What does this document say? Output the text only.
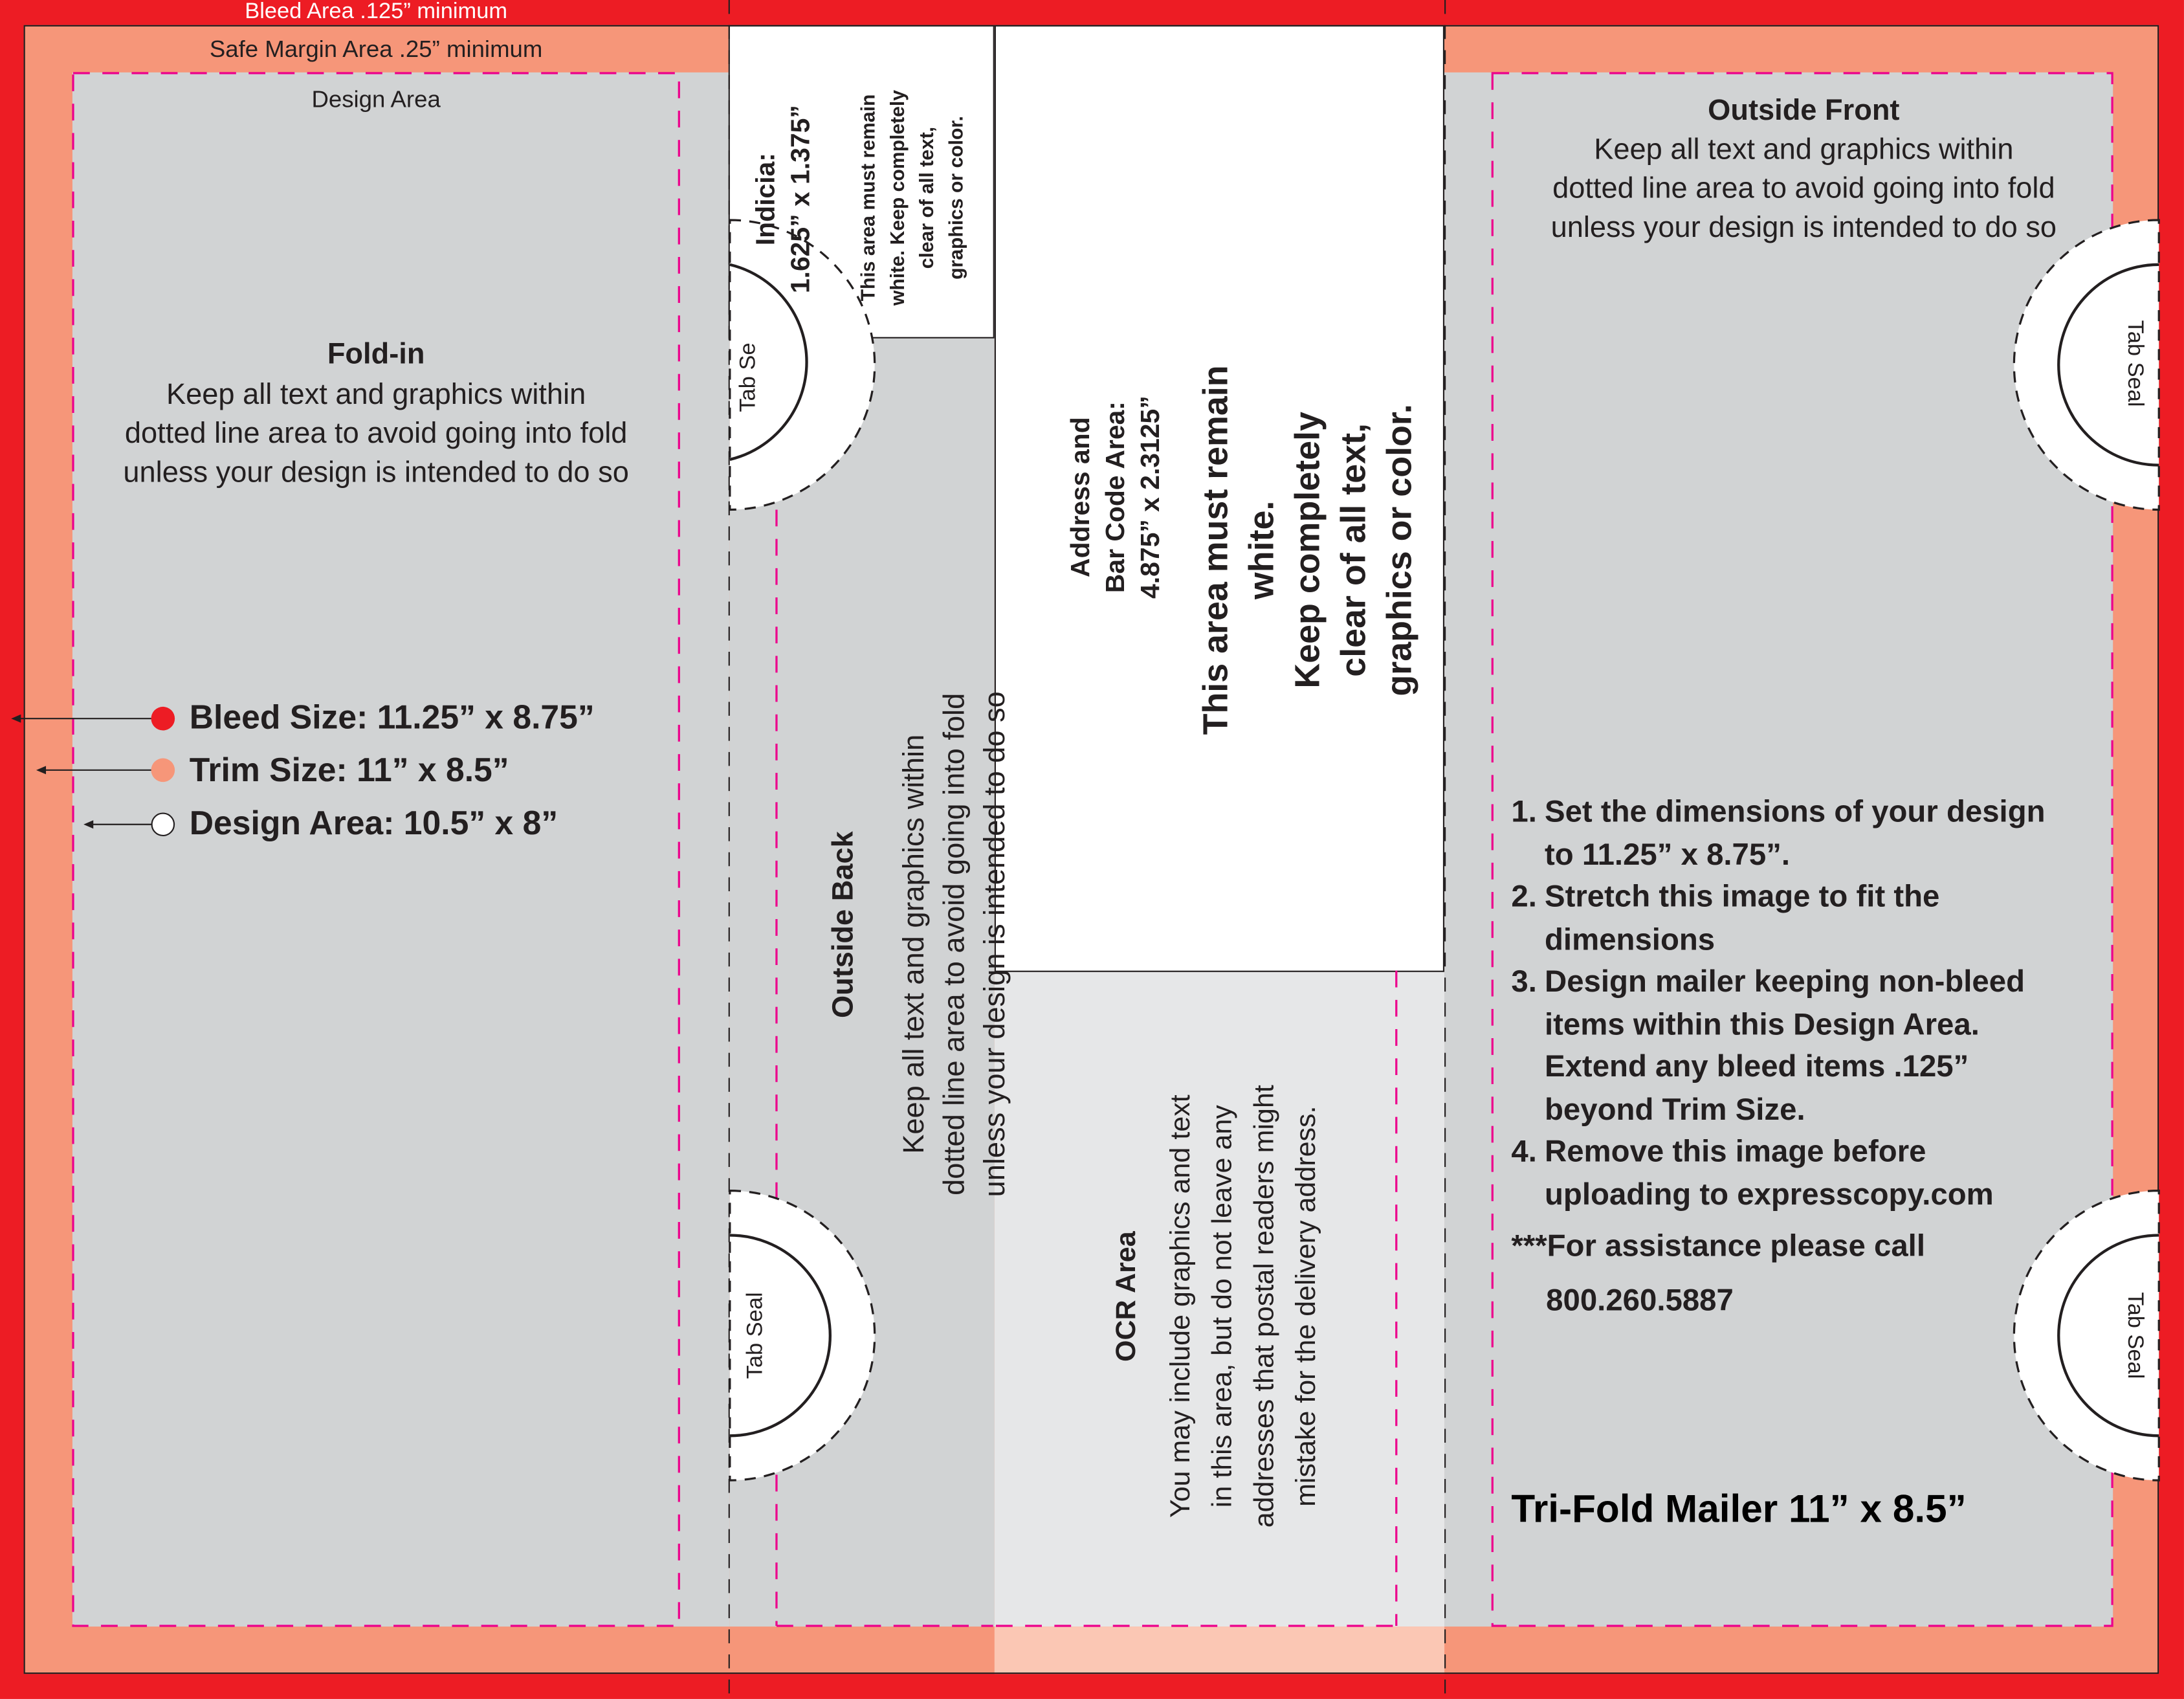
Bleed Area .125” minimum
Safe Margin Area .25” minimum
Design Area
Fold-in
Keep all text and graphics within
dotted line area to avoid going into fold
unless your design is intended to do so
Bleed Size: 11.25” x 8.75”
Trim Size: 11” x 8.5”
Design Area: 10.5” x 8”
Indicia:
1.625” x 1.375”
This area must remain
white. Keep completely
clear of all text,
graphics or color.
Address and
Bar Code Area:
4.875” x 2.3125”
This area must remain white.
Keep completely
clear of all text,
graphics or color.
Keep all text and graphics within
dotted line area to avoid going into fold
unless your design is intended to do so
Outside Back
OCR Area
You may include graphics and text
in this area, but do not leave any
addresses that postal readers might
mistake for the delivery address.
Tab Se
Tab Seal
Tab Seal
Tab Seal
Outside Front
Keep all text and graphics within
dotted line area to avoid going into fold
unless your design is intended to do so
1. Set the dimensions of your design
to 11.25” x 8.75”.
2. Stretch this image to fit the
dimensions
3. Design mailer keeping non-bleed
items within this Design Area.
Extend any bleed items .125”
beyond Trim Size.
4. Remove this image before
uploading to expresscopy.com
***For assistance please call
800.260.5887
Tri-Fold Mailer 11” x 8.5”
